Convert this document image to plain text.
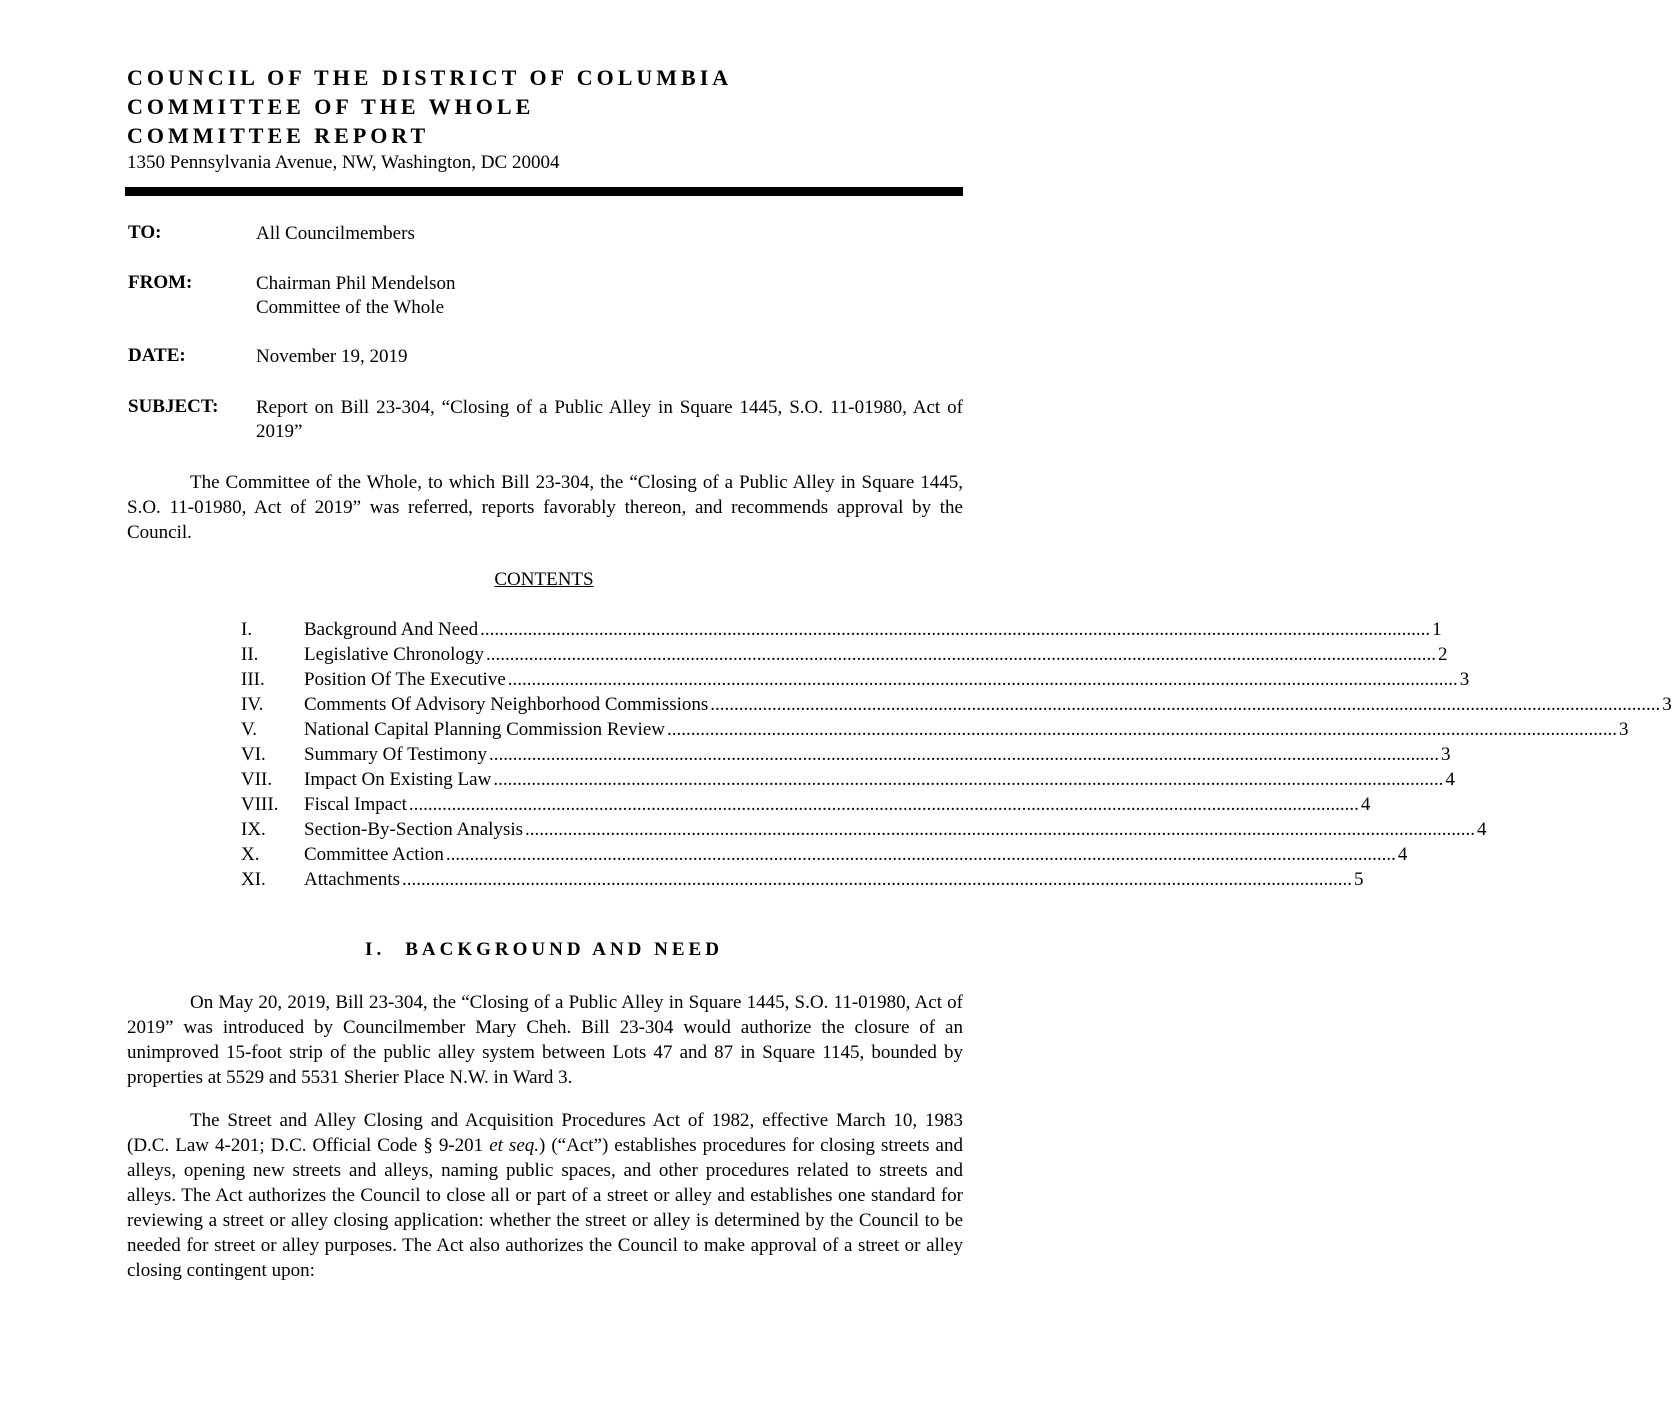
COUNCIL OF THE DISTRICT OF COLUMBIA
COMMITTEE OF THE WHOLE
COMMITTEE REPORT
1350 Pennsylvania Avenue, NW, Washington, DC 20004
TO:	All Councilmembers
FROM:	Chairman Phil Mendelson
Committee of the Whole
DATE:	November 19, 2019
SUBJECT: Report on Bill 23-304, “Closing of a Public Alley in Square 1445, S.O. 11-01980, Act of 2019”
The Committee of the Whole, to which Bill 23-304, the “Closing of a Public Alley in Square 1445, S.O. 11-01980, Act of 2019” was referred, reports favorably thereon, and recommends approval by the Council.
CONTENTS
I.	Background And Need ........................................................................................................................................................................................................ 1
II.	Legislative Chronology ........................................................................................................................................................................................................ 2
III.	Position Of The Executive ........................................................................................................................................................................................................ 3
IV.	Comments Of Advisory Neighborhood Commissions ........................................................................................................................................................................................................ 3
V.	National Capital Planning Commission Review ........................................................................................................................................................................................................ 3
VI.	Summary Of Testimony ........................................................................................................................................................................................................ 3
VII.	Impact On Existing Law ........................................................................................................................................................................................................ 4
VIII.	Fiscal Impact ........................................................................................................................................................................................................ 4
IX.	Section-By-Section Analysis ........................................................................................................................................................................................................ 4
X.	Committee Action ........................................................................................................................................................................................................ 4
XI.	Attachments ........................................................................................................................................................................................................ 5
I. BACKGROUND AND NEED
On May 20, 2019, Bill 23-304, the “Closing of a Public Alley in Square 1445, S.O. 11-01980, Act of 2019” was introduced by Councilmember Mary Cheh. Bill 23-304 would authorize the closure of an unimproved 15-foot strip of the public alley system between Lots 47 and 87 in Square 1145, bounded by properties at 5529 and 5531 Sherier Place N.W. in Ward 3.
The Street and Alley Closing and Acquisition Procedures Act of 1982, effective March 10, 1983 (D.C. Law 4-201; D.C. Official Code § 9-201 et seq.) (“Act”) establishes procedures for closing streets and alleys, opening new streets and alleys, naming public spaces, and other procedures related to streets and alleys. The Act authorizes the Council to close all or part of a street or alley and establishes one standard for reviewing a street or alley closing application: whether the street or alley is determined by the Council to be needed for street or alley purposes. The Act also authorizes the Council to make approval of a street or alley closing contingent upon:
